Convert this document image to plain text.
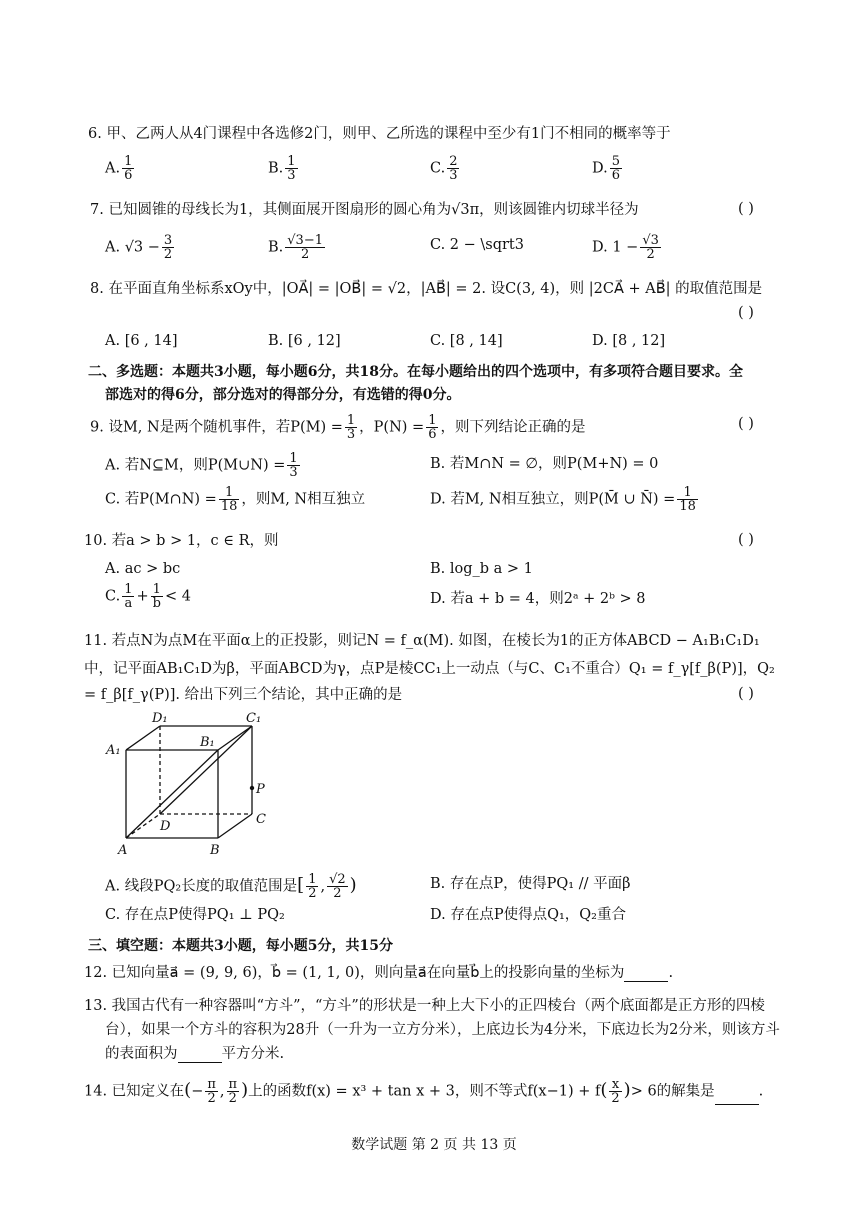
6. 甲、乙两人从4门课程中各选修2门，则甲、乙所选的课程中至少有1门不相同的概率等于
A. $\frac{1}{6}$	B. $\frac{1}{3}$	C. $\frac{2}{3}$	D. $\frac{5}{6}$
7. 已知圆锥的母线长为1，其侧面展开图扇形的圆心角为√3π，则该圆锥内切球半径为	( )
A. $√3 - \frac{3}{2}$	B. $\frac{√3-1}{2}$	C. 2 − \sqrt3	D. $1 - \frac{√3}{2}$
8. 在平面直角坐标系xOy中，|OA⃗| = |OB⃗| = √2，|AB⃗| = 2. 设C(3, 4)，则 |2CA⃗ + AB⃗| 的取值范围是
( )
A. [6 , 14]	B. [6 , 12]	C. [8 , 14]	D. [8 , 12]
二、多选题：本题共3小题，每小题6分，共18分。在每小题给出的四个选项中，有多项符合题目要求。全
部选对的得6分，部分选对的得部分分，有选错的得0分。
9. 设M, N是两个随机事件，若$P(M) = \frac{1}{3}$ ，$P(N) = \frac{1}{6}$ ，则下列结论正确的是	( )
A. 若N⊆M，则P(M∪N) = $\frac{1}{3}$	B. 若M∩N = ∅，则P(M+N) = 0
C. 若P(M∩N) = $\frac{1}{18}$ ，则M, N相互独立	D. 若M, N相互独立，则P(M̄ ∪ N̄) = $\frac{1}{18}$
10. 若a > b > 1，c ∈ R，则	( )
A. ac > bc	B. log_b a > 1
C. $\frac{1}{a} + \frac{1}{b} < 4$	D. 若a + b = 4，则2ᵃ + 2ᵇ > 8
11. 若点N为点M在平面α上的正投影，则记N = f_α(M). 如图，在棱长为1的正方体ABCD − A₁B₁C₁D₁
中，记平面AB₁C₁D为β，平面ABCD为γ，点P是棱CC₁上一动点（与C、C₁不重合）Q₁ = f_γ[f_β(P)]，Q₂
= f_β[f_γ(P)]. 给出下列三个结论，其中正确的是	( )
D₁	C₁
A₁
B₁
P
D	C
A	B
A. 线段PQ₂长度的取值范围是[ $\frac{1}{2}$ , $\frac{√2}{2}$ )	B. 存在点P，使得PQ₁ // 平面β
C. 存在点P使得PQ₁ ⊥ PQ₂	D. 存在点P使得点Q₁，Q₂重合
三、填空题：本题共3小题，每小题5分，共15分
12. 已知向量a⃗ = (9, 9, 6)，b⃗ = (1, 1, 0)，则向量a⃗在向量b⃗上的投影向量的坐标为	.
13. 我国古代有一种容器叫“方斗”，“方斗”的形状是一种上大下小的正四棱台（两个底面都是正方形的四棱
台），如果一个方斗的容积为28升（一升为一立方分米），上底边长为4分米，下底边长为2分米，则该方斗
的表面积为	平方分米.
14. 已知定义在(− $\frac{\pi}{2}$ , $\frac{\pi}{2}$ )上的函数f(x) = x³ + tan x + 3，则不等式$f(x-1) + f( \frac{x}{2}$ )> 6的解集是	.
数学试题 第 2 页 共 13 页
